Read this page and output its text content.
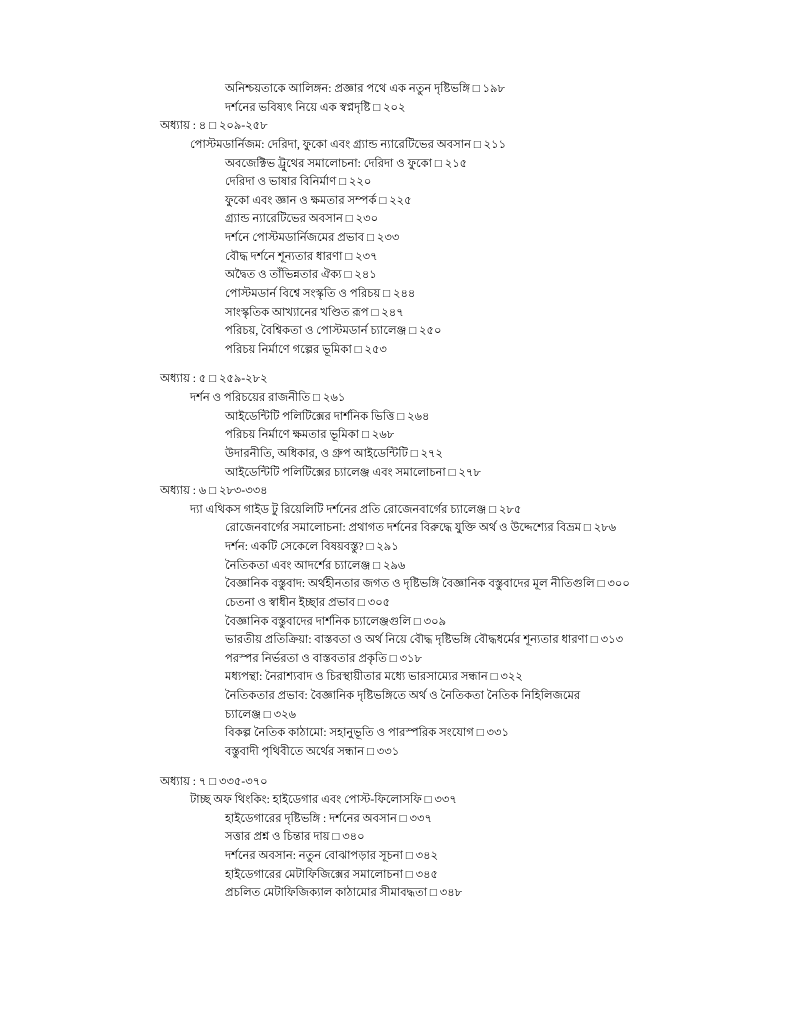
অনিশ্চয়তাকে আলিঙ্গন: প্রজ্ঞার পথে এক নতুন দৃষ্টিভঙ্গি □ ১৯৮
দর্শনের ভবিষ্যৎ নিয়ে এক স্বপ্নদৃষ্টি □ ২০২
অধ্যায় : ৪ □ ২০৯-২৫৮
পোস্টমডার্নিজম: দেরিদা, ফুকো এবং গ্র্যান্ড ন্যারেটিভের অবসান □ ২১১
অবজেক্টিভ ট্রুথের সমালোচনা: দেরিদা ও ফুকো □ ২১৫
দেরিদা ও ভাষার বিনির্মাণ □ ২২০
ফুকো এবং জ্ঞান ও ক্ষমতার সম্পর্ক □ ২২৫
গ্র্যান্ড ন্যারেটিভের অবসান □ ২৩০
দর্শনে পোস্টমডার্নিজমের প্রভাব □ ২৩৩
বৌদ্ধ দর্শনে শূন্যতার ধারণা □ ২৩৭
অদ্বৈত ও তাঁভিন্নতার ঐক্য □ ২৪১
পোস্টমডার্ন বিশ্বে সংস্কৃতি ও পরিচয় □ ২৪৪
সাংস্কৃতিক আখ্যানের খণ্ডিত রূপ □ ২৪৭
পরিচয়, বৈশ্বিকতা ও পোস্টমডার্ন চ্যালেঞ্জ □ ২৫০
পরিচয় নির্মাণে গল্পের ভূমিকা □ ২৫৩
অধ্যায় : ৫ □ ২৫৯-২৮২
দর্শন ও পরিচয়ের রাজনীতি □ ২৬১
আইডেন্টিটি পলিটিক্সের দার্শনিক ভিত্তি □ ২৬৪
পরিচয় নির্মাণে ক্ষমতার ভূমিকা □ ২৬৮
উদারনীতি, অধিকার, ও গ্রুপ আইডেন্টিটি □ ২৭২
আইডেন্টিটি পলিটিক্সের চ্যালেঞ্জ এবং সমালোচনা □ ২৭৮
অধ্যায় : ৬ □ ২৮৩-৩৩৪
দ্যা এথিকস গাইড টু রিয়েলিটি দর্শনের প্রতি রোজেনবার্গের চ্যালেঞ্জ □ ২৮৫
রোজেনবার্গের সমালোচনা: প্রথাগত দর্শনের বিরুদ্ধে যুক্তি অর্থ ও উদ্দেশ্যের বিভ্রম □ ২৮৬
দর্শন: একটি সেকেলে বিষয়বস্তু? □ ২৯১
নৈতিকতা এবং আদর্শের চ্যালেঞ্জ □ ২৯৬
বৈজ্ঞানিক বস্তুবাদ: অর্থহীনতার জগত ও দৃষ্টিভঙ্গি বৈজ্ঞানিক বস্তুবাদের মূল নীতিগুলি □ ৩০০
চেতনা ও স্বাধীন ইচ্ছার প্রভাব □ ৩০৫
বৈজ্ঞানিক বস্তুবাদের দার্শনিক চ্যালেঞ্জগুলি □ ৩০৯
ভারতীয় প্রতিক্রিয়া: বাস্তবতা ও অর্থ নিয়ে বৌদ্ধ দৃষ্টিভঙ্গি বৌদ্ধধর্মের শূন্যতার ধারণা □ ৩১৩
পরস্পর নির্ভরতা ও বাস্তবতার প্রকৃতি □ ৩১৮
মধ্যপন্থা: নৈরাশ্যবাদ ও চিরস্থায়ীতার মধ্যে ভারসাম্যের সন্ধান □ ৩২২
নৈতিকতার প্রভাব: বৈজ্ঞানিক দৃষ্টিভঙ্গিতে অর্থ ও নৈতিকতা নৈতিক নিহিলিজমের
চ্যালেঞ্জ □ ৩২৬
বিকল্প নৈতিক কাঠামো: সহানুভূতি ও পারস্পরিক সংযোগ □ ৩৩১
বস্তুবাদী পৃথিবীতে অর্থের সন্ধান □ ৩৩১
অধ্যায় : ৭ □ ৩৩৫-৩৭০
টাচ্ছ অফ থিংকিং: হাইডেগার এবং পোস্ট-ফিলোসফি □ ৩৩৭
হাইডেগারের দৃষ্টিভঙ্গি : দর্শনের অবসান □ ৩৩৭
সত্তার প্রশ্ন ও চিন্তার দায় □ ৩৪০
দর্শনের অবসান: নতুন বোঝাপড়ার সূচনা □ ৩৪২
হাইডেগারের মেটাফিজিক্সের সমালোচনা □ ৩৪৫
প্রচলিত মেটাফিজিক্যাল কাঠামোর সীমাবদ্ধতা □ ৩৪৮
